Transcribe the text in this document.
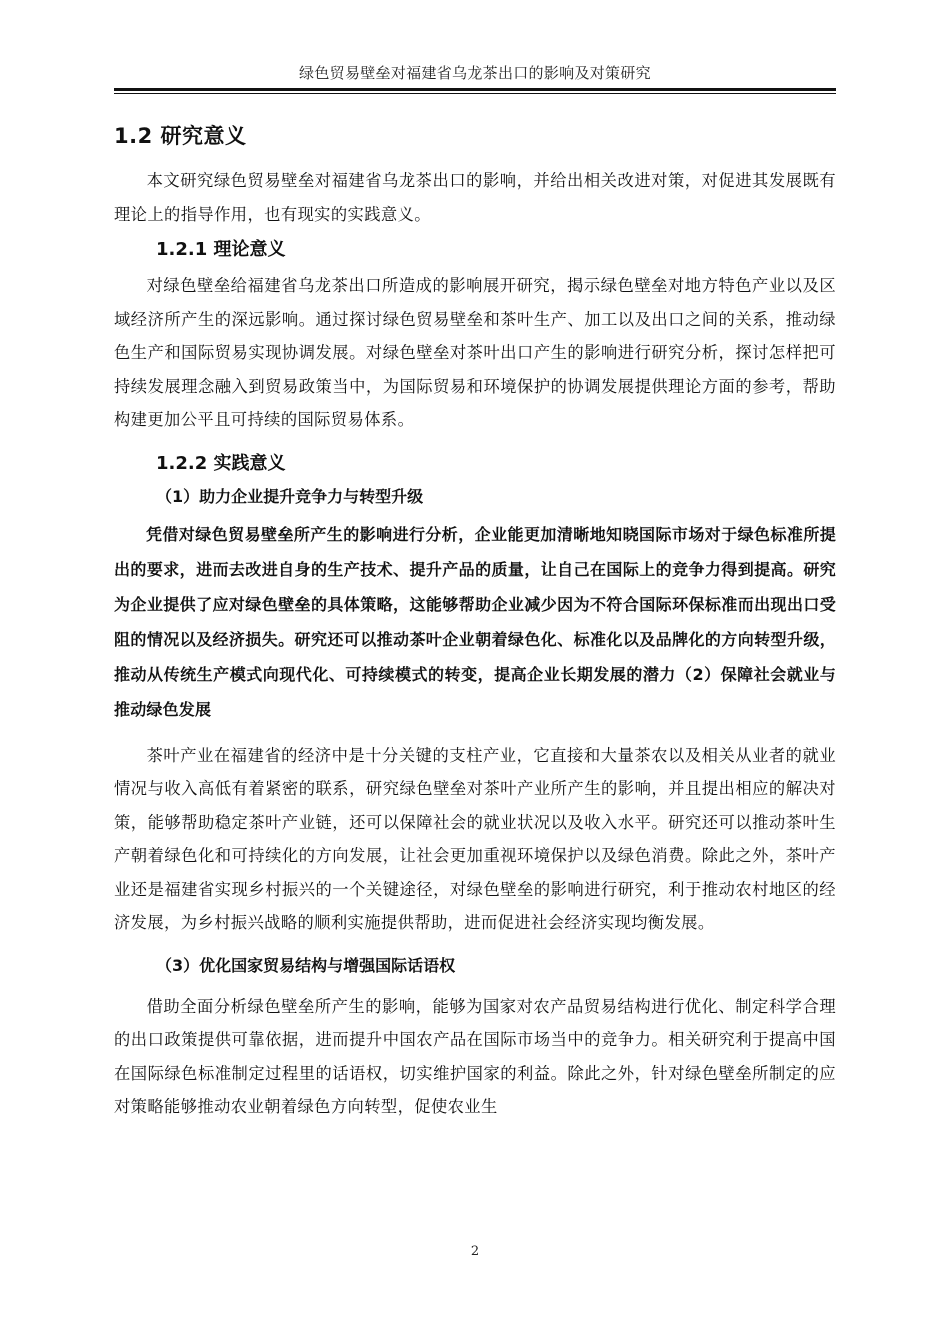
绿色贸易壁垒对福建省乌龙茶出口的影响及对策研究
1.2 研究意义

本文研究绿色贸易壁垒对福建省乌龙茶出口的影响，并给出相关改进对策，对促进其发展既有理论上的指导作用，也有现实的实践意义。

1.2.1 理论意义

对绿色壁垒给福建省乌龙茶出口所造成的影响展开研究，揭示绿色壁垒对地方特色产业以及区域经济所产生的深远影响。通过探讨绿色贸易壁垒和茶叶生产、加工以及出口之间的关系，推动绿色生产和国际贸易实现协调发展。对绿色壁垒对茶叶出口产生的影响进行研究分析，探讨怎样把可持续发展理念融入到贸易政策当中，为国际贸易和环境保护的协调发展提供理论方面的参考，帮助构建更加公平且可持续的国际贸易体系。

1.2.2 实践意义
（1）助力企业提升竞争力与转型升级

凭借对绿色贸易壁垒所产生的影响进行分析，企业能更加清晰地知晓国际市场对于绿色标准所提出的要求，进而去改进自身的生产技术、提升产品的质量，让自己在国际上的竞争力得到提高。研究为企业提供了应对绿色壁垒的具体策略，这能够帮助企业减少因为不符合国际环保标准而出现出口受阻的情况以及经济损失。研究还可以推动茶叶企业朝着绿色化、标准化以及品牌化的方向转型升级，推动从传统生产模式向现代化、可持续模式的转变，提高企业长期发展的潜力（2）保障社会就业与推动绿色发展

茶叶产业在福建省的经济中是十分关键的支柱产业，它直接和大量茶农以及相关从业者的就业情况与收入高低有着紧密的联系，研究绿色壁垒对茶叶产业所产生的影响，并且提出相应的解决对策，能够帮助稳定茶叶产业链，还可以保障社会的就业状况以及收入水平。研究还可以推动茶叶生产朝着绿色化和可持续化的方向发展，让社会更加重视环境保护以及绿色消费。除此之外，茶叶产业还是福建省实现乡村振兴的一个关键途径，对绿色壁垒的影响进行研究，利于推动农村地区的经济发展，为乡村振兴战略的顺利实施提供帮助，进而促进社会经济实现均衡发展。

（3）优化国家贸易结构与增强国际话语权

借助全面分析绿色壁垒所产生的影响，能够为国家对农产品贸易结构进行优化、制定科学合理的出口政策提供可靠依据，进而提升中国农产品在国际市场当中的竞争力。相关研究利于提高中国在国际绿色标准制定过程里的话语权，切实维护国家的利益。除此之外，针对绿色壁垒所制定的应对策略能够推动农业朝着绿色方向转型，促使农业生

2
